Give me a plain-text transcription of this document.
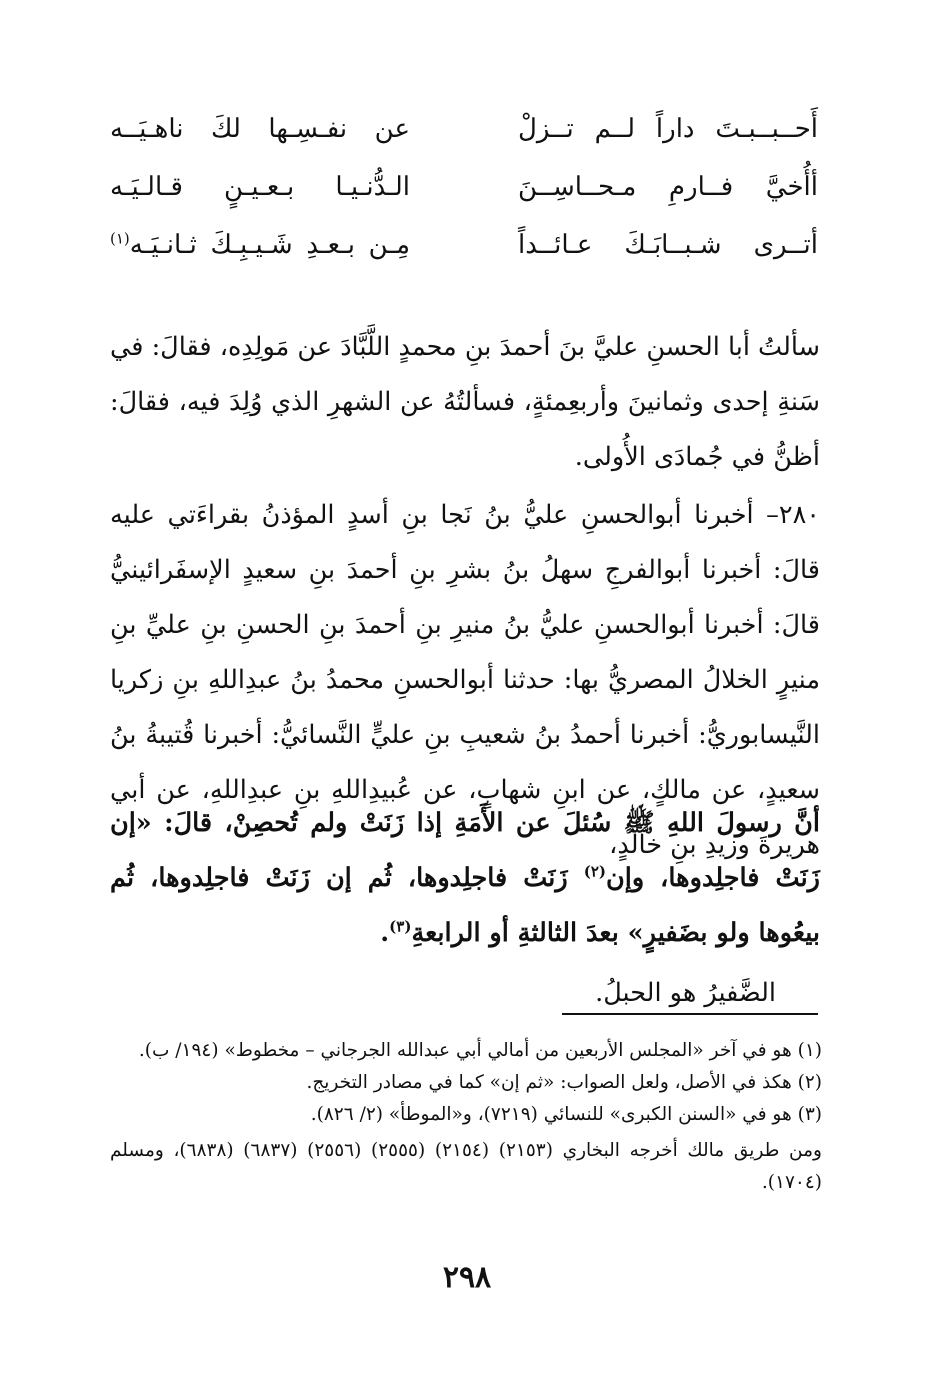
أَحــبــبـتَ داراً لــم تــزلْ
عن نفـسِـها لكَ ناهـيَــه
أأُخيَّ فــارمِ مـحــاسِــنَ
الـدُّنـيـا بـعـيـنٍ قـالـيَـه
أتــرى شـبــابَـكَ عـائــداً
مِـن بـعـدِ شَـيـبِـكَ ثـانـيَـه$^{(١)}$

سألتُ أبا الحسنِ عليَّ بنَ أحمدَ بنِ محمدٍ اللَّبَّادَ عن مَولِدِه، فقالَ: في سَنةِ إحدى وثمانينَ وأربعِمئةٍ، فسألتُهُ عن الشهرِ الذي وُلِدَ فيه، فقالَ: أظنُّ في جُمادَى الأُولى.

٢٨٠– أخبرنا أبوالحسنِ عليُّ بنُ نَجا بنِ أسدٍ المؤذنُ بقراءَتي عليه قالَ: أخبرنا أبوالفرجِ سهلُ بنُ بشرِ بنِ أحمدَ بنِ سعيدٍ الإسفَرائينيُّ قالَ: أخبرنا أبوالحسنِ عليُّ بنُ منيرِ بنِ أحمدَ بنِ الحسنِ بنِ عليِّ بنِ منيرٍ الخلالُ المصريُّ بها: حدثنا أبوالحسنِ محمدُ بنُ عبدِاللهِ بنِ زكريا النَّيسابوريُّ: أخبرنا أحمدُ بنُ شعيبِ بنِ عليٍّ النَّسائيُّ: أخبرنا قُتيبةُ بنُ سعيدٍ، عن مالكٍ، عن ابنِ شهابٍ، عن عُبيدِاللهِ بنِ عبدِاللهِ، عن أبي هريرةَ وزيدِ بنِ خالدٍ،

أنَّ رسولَ اللهِ ﷺ سُئلَ عن الأَمَةِ إذا زَنَتْ ولم تُحصِنْ، قالَ: «إن زَنَتْ فاجلِدوها، وإن$^{(٢)}$ زَنَتْ فاجلِدوها، ثُم إن زَنَتْ فاجلِدوها، ثُم بيعُوها ولو بضَفيرٍ» بعدَ الثالثةِ أو الرابعةِ$^{(٣)}$.

الضَّفيرُ هو الحبلُ.

(١) هو في آخر «المجلس الأربعين من أمالي أبي عبدالله الجرجاني – مخطوط» (١٩٤/ ب).

(٢) هكذ في الأصل، ولعل الصواب: «ثم إن» كما في مصادر التخريج.

(٣) هو في «السنن الكبرى» للنسائي (٧٢١٩)، و«الموطأ» (٢/ ٨٢٦).

ومن طريق مالك أخرجه البخاري (٢١٥٣) (٢١٥٤) (٢٥٥٥) (٢٥٥٦) (٦٨٣٧) (٦٨٣٨)، ومسلم (١٧٠٤).

٢٩٨
